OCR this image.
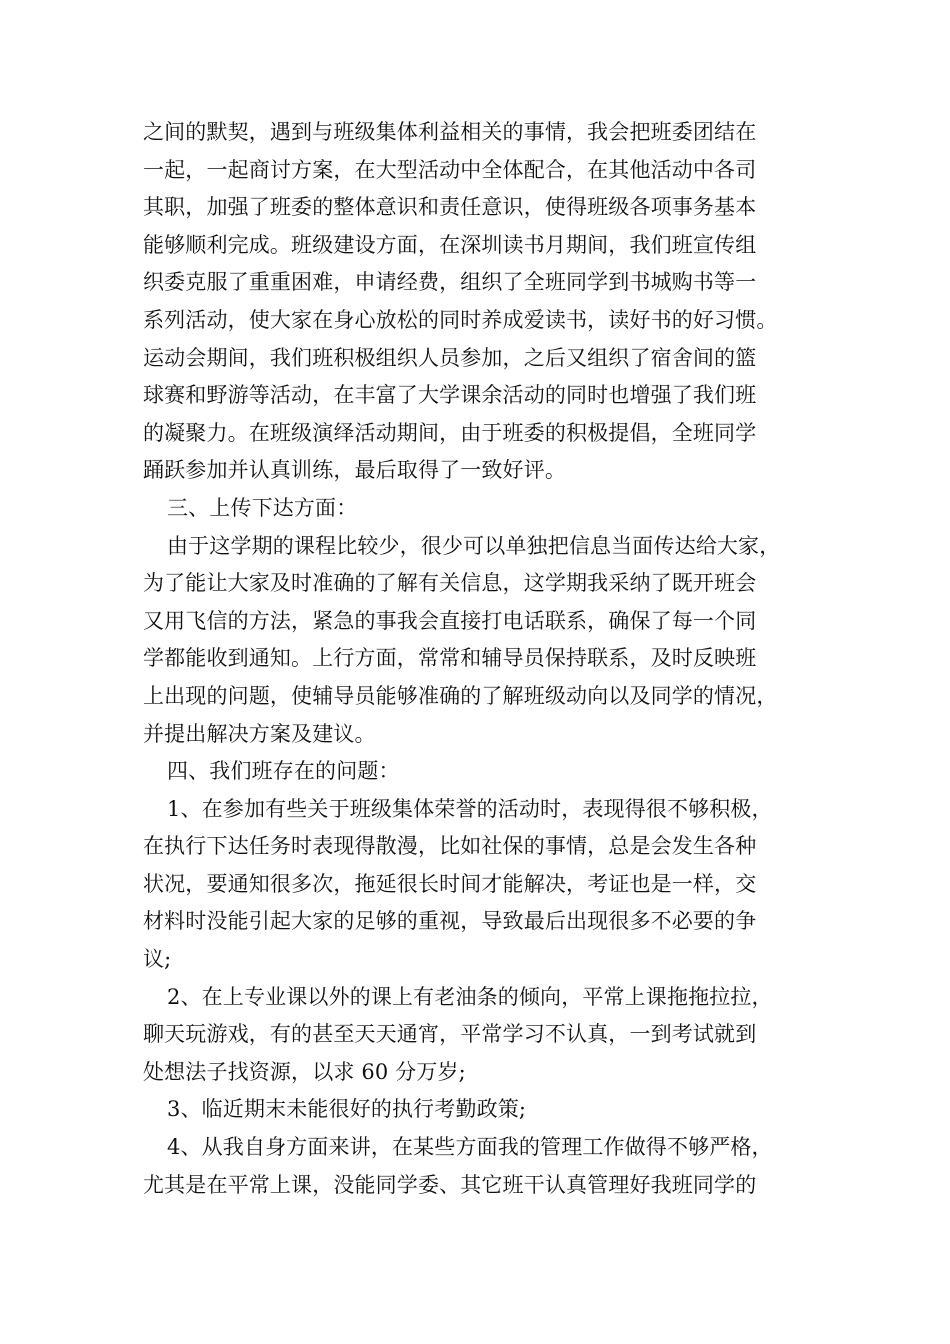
之间的默契，遇到与班级集体利益相关的事情，我会把班委团结在
一起，一起商讨方案，在大型活动中全体配合，在其他活动中各司
其职，加强了班委的整体意识和责任意识，使得班级各项事务基本
能够顺利完成。班级建设方面，在深圳读书月期间，我们班宣传组
织委克服了重重困难，申请经费，组织了全班同学到书城购书等一
系列活动，使大家在身心放松的同时养成爱读书，读好书的好习惯。
运动会期间，我们班积极组织人员参加，之后又组织了宿舍间的篮
球赛和野游等活动，在丰富了大学课余活动的同时也增强了我们班
的凝聚力。在班级演绎活动期间，由于班委的积极提倡，全班同学
踊跃参加并认真训练，最后取得了一致好评。
三、上传下达方面：
由于这学期的课程比较少，很少可以单独把信息当面传达给大家，
为了能让大家及时准确的了解有关信息，这学期我采纳了既开班会
又用飞信的方法，紧急的事我会直接打电话联系，确保了每一个同
学都能收到通知。上行方面，常常和辅导员保持联系，及时反映班
上出现的问题，使辅导员能够准确的了解班级动向以及同学的情况，
并提出解决方案及建议。
四、我们班存在的问题：
1、在参加有些关于班级集体荣誉的活动时，表现得很不够积极，
在执行下达任务时表现得散漫，比如社保的事情，总是会发生各种
状况，要通知很多次，拖延很长时间才能解决，考证也是一样，交
材料时没能引起大家的足够的重视，导致最后出现很多不必要的争
议;
2、在上专业课以外的课上有老油条的倾向，平常上课拖拖拉拉，
聊天玩游戏，有的甚至天天通宵，平常学习不认真，一到考试就到
处想法子找资源，以求 60 分万岁;
3、临近期末未能很好的执行考勤政策;
4、从我自身方面来讲，在某些方面我的管理工作做得不够严格，
尤其是在平常上课，没能同学委、其它班干认真管理好我班同学的
